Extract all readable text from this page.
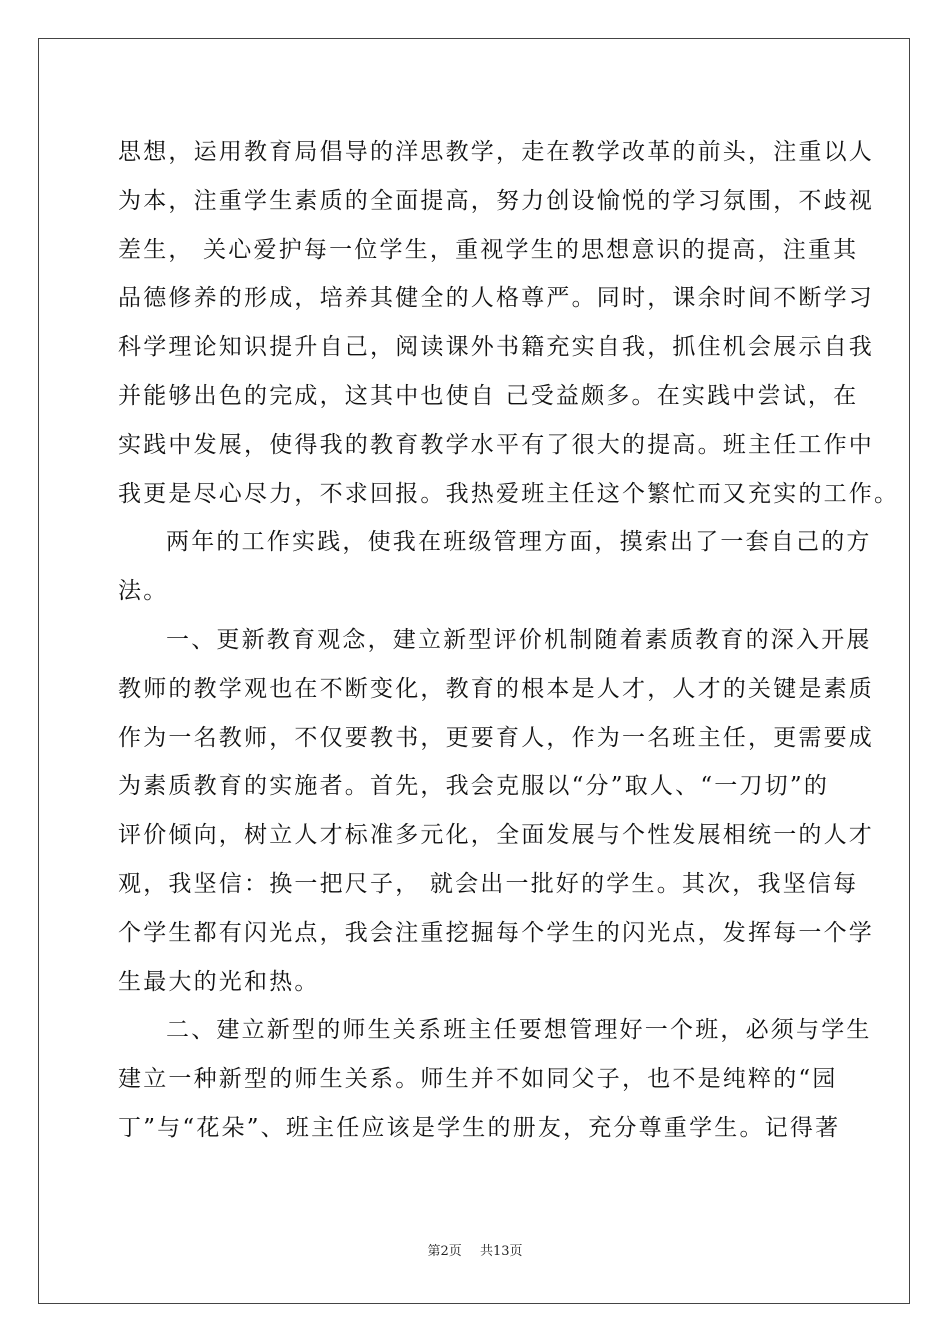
思想，运用教育局倡导的洋思教学，走在教学改革的前头，注重以人
为本，注重学生素质的全面提高，努力创设愉悦的学习氛围，不歧视
差生， 关心爱护每一位学生，重视学生的思想意识的提高，注重其
品德修养的形成，培养其健全的人格尊严。同时，课余时间不断学习
科学理论知识提升自己，阅读课外书籍充实自我，抓住机会展示自我
并能够出色的完成，这其中也使自 己受益颇多。在实践中尝试，在
实践中发展，使得我的教育教学水平有了很大的提高。班主任工作中
我更是尽心尽力，不求回报。我热爱班主任这个繁忙而又充实的工作。
两年的工作实践，使我在班级管理方面，摸索出了一套自己的方
法。
一、更新教育观念，建立新型评价机制随着素质教育的深入开展
教师的教学观也在不断变化，教育的根本是人才，人才的关键是素质
作为一名教师，不仅要教书，更要育人，作为一名班主任，更需要成
为素质教育的实施者。首先，我会克服以“分”取人、“一刀切”的
评价倾向，树立人才标准多元化，全面发展与个性发展相统一的人才
观，我坚信：换一把尺子， 就会出一批好的学生。其次，我坚信每
个学生都有闪光点，我会注重挖掘每个学生的闪光点，发挥每一个学
生最大的光和热。
二、建立新型的师生关系班主任要想管理好一个班，必须与学生
建立一种新型的师生关系。师生并不如同父子，也不是纯粹的“园
丁”与“花朵”、班主任应该是学生的册友，充分尊重学生。记得著
第2页 共13页
